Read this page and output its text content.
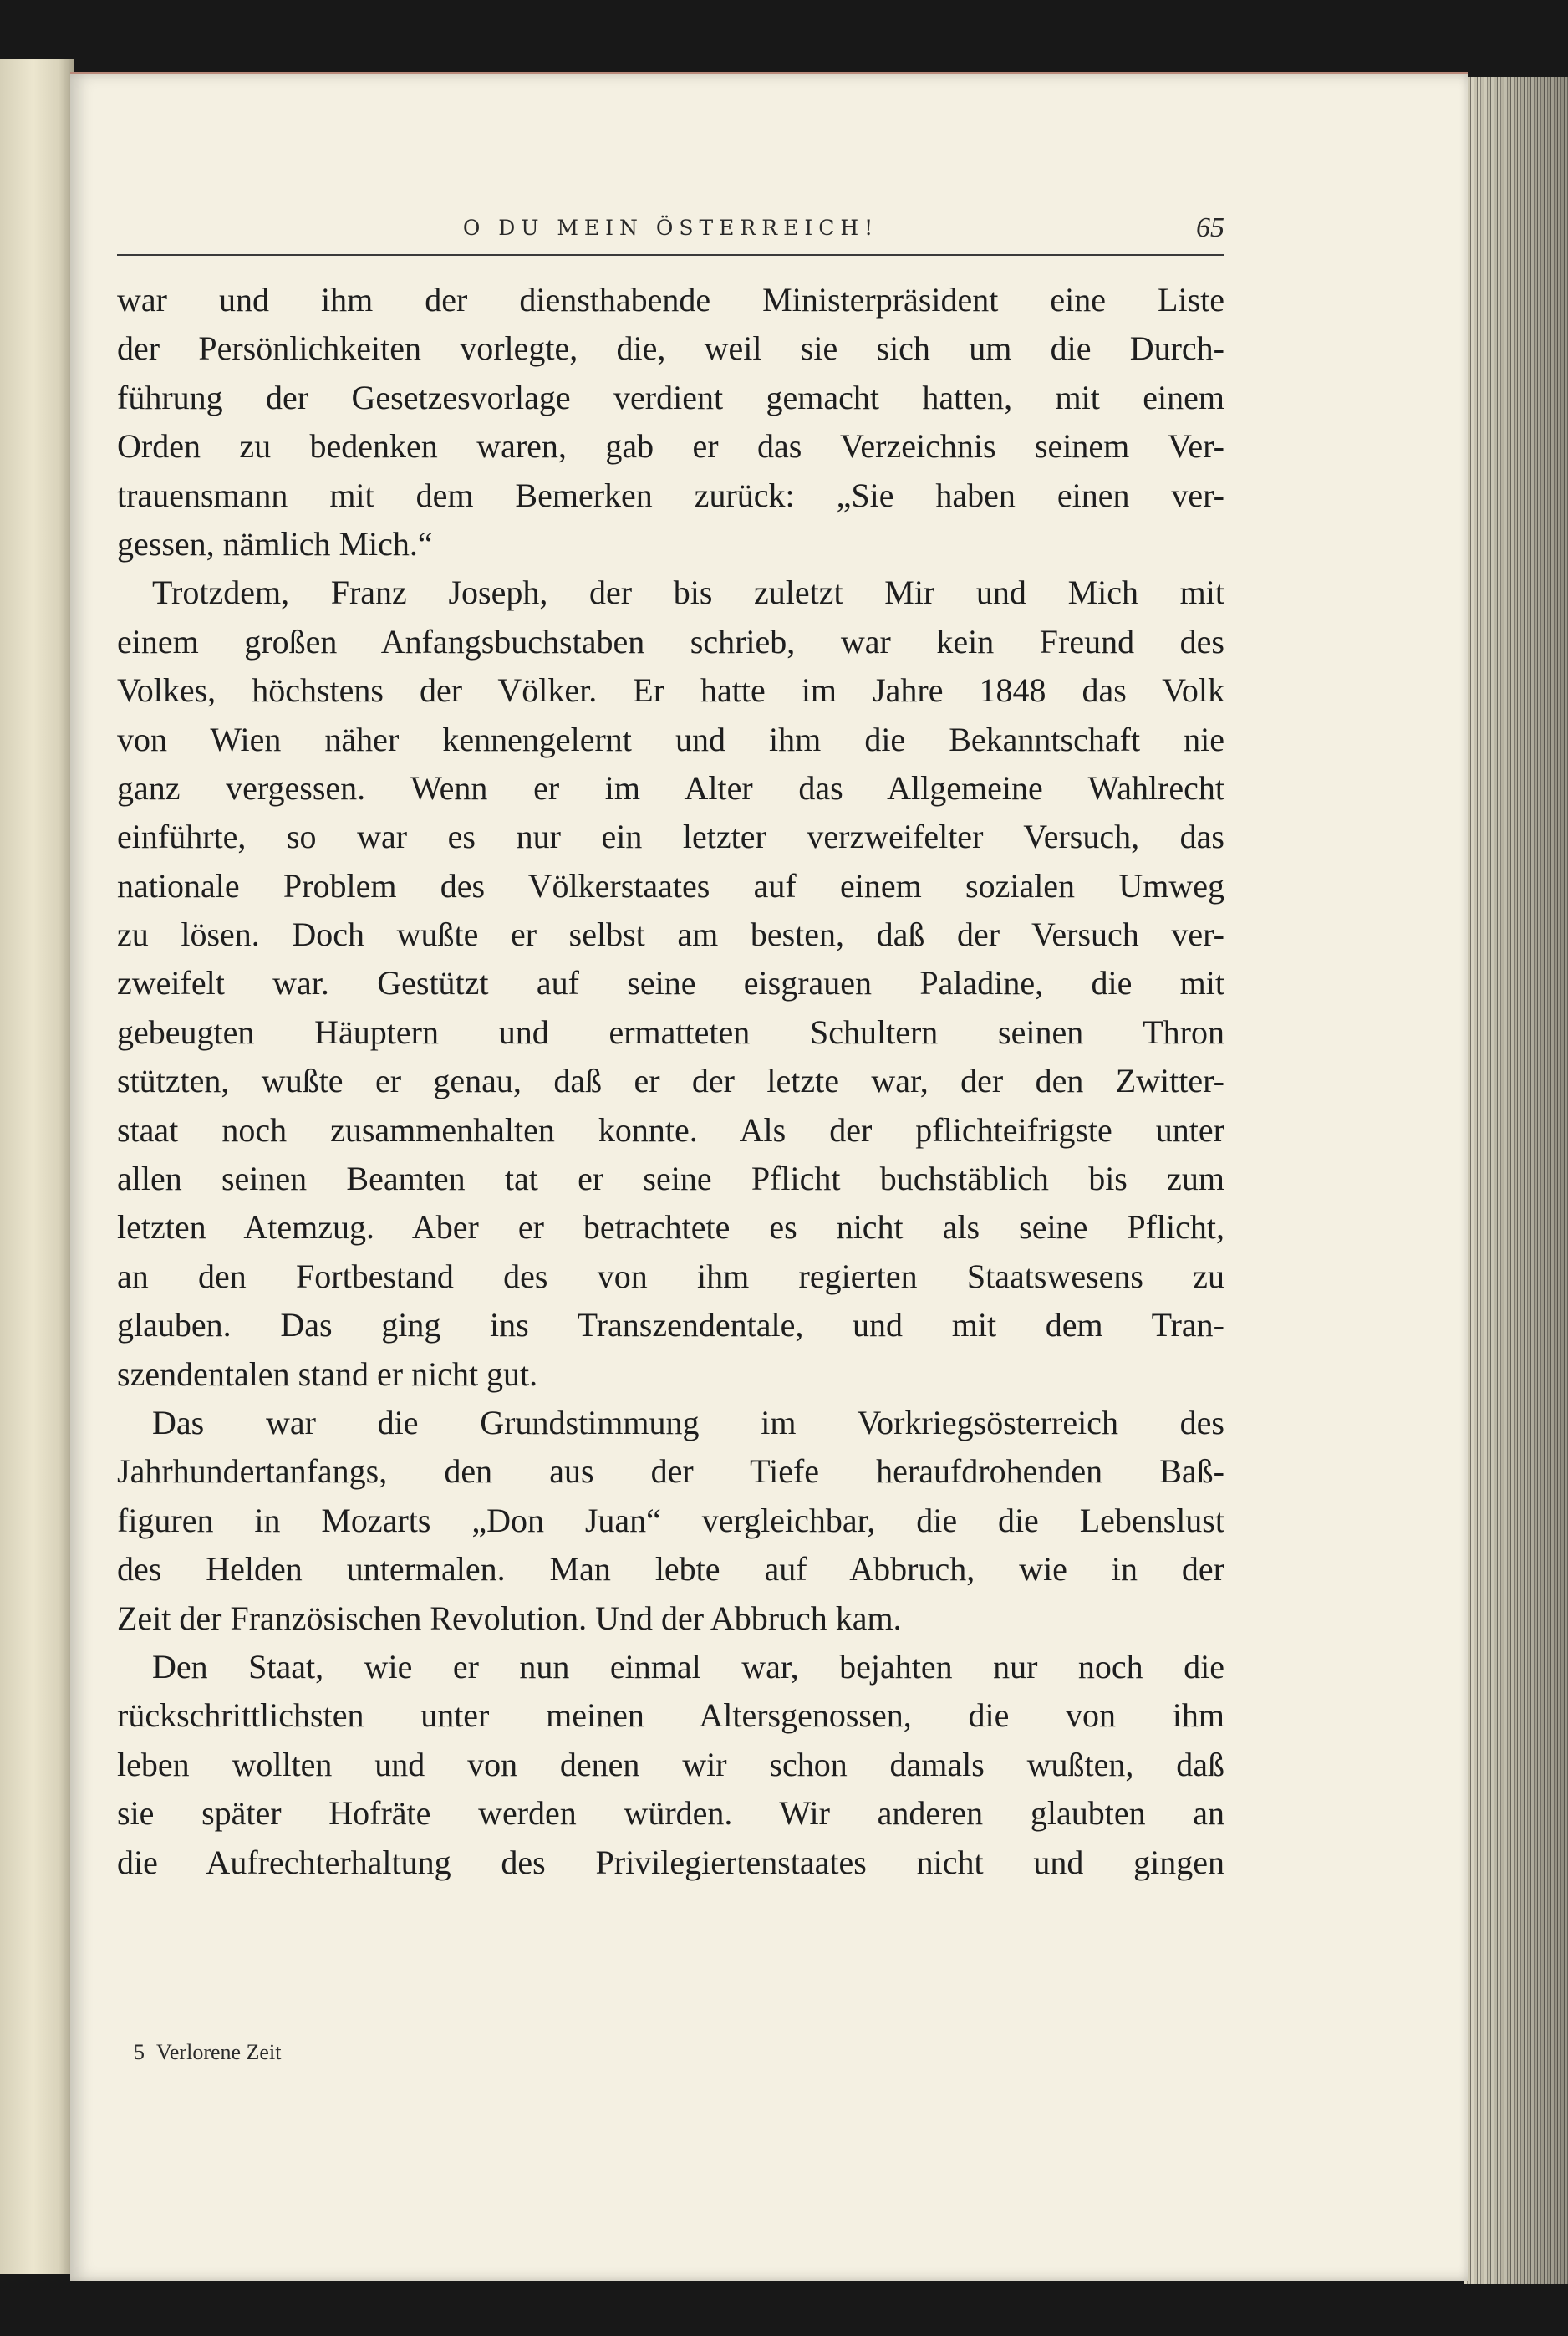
O DU MEIN ÖSTERREICH!	65
war und ihm der diensthabende Ministerpräsident eine Liste
der Persönlichkeiten vorlegte, die, weil sie sich um die Durch-
führung der Gesetzesvorlage verdient gemacht hatten, mit einem
Orden zu bedenken waren, gab er das Verzeichnis seinem Ver-
trauensmann mit dem Bemerken zurück: „Sie haben einen ver-
gessen, nämlich Mich.“
Trotzdem, Franz Joseph, der bis zuletzt Mir und Mich mit
einem großen Anfangsbuchstaben schrieb, war kein Freund des
Volkes, höchstens der Völker. Er hatte im Jahre 1848 das Volk
von Wien näher kennengelernt und ihm die Bekanntschaft nie
ganz vergessen. Wenn er im Alter das Allgemeine Wahlrecht
einführte, so war es nur ein letzter verzweifelter Versuch, das
nationale Problem des Völkerstaates auf einem sozialen Umweg
zu lösen. Doch wußte er selbst am besten, daß der Versuch ver-
zweifelt war. Gestützt auf seine eisgrauen Paladine, die mit
gebeugten Häuptern und ermatteten Schultern seinen Thron
stützten, wußte er genau, daß er der letzte war, der den Zwitter-
staat noch zusammenhalten konnte. Als der pflichteifrigste unter
allen seinen Beamten tat er seine Pflicht buchstäblich bis zum
letzten Atemzug. Aber er betrachtete es nicht als seine Pflicht,
an den Fortbestand des von ihm regierten Staatswesens zu
glauben. Das ging ins Transzendentale, und mit dem Tran-
szendentalen stand er nicht gut.
Das war die Grundstimmung im Vorkriegsösterreich des
Jahrhundertanfangs, den aus der Tiefe heraufdrohenden Baß-
figuren in Mozarts „Don Juan“ vergleichbar, die die Lebenslust
des Helden untermalen. Man lebte auf Abbruch, wie in der
Zeit der Französischen Revolution. Und der Abbruch kam.
Den Staat, wie er nun einmal war, bejahten nur noch die
rückschrittlichsten unter meinen Altersgenossen, die von ihm
leben wollten und von denen wir schon damals wußten, daß
sie später Hofräte werden würden. Wir anderen glaubten an
die Aufrechterhaltung des Privilegiertenstaates nicht und gingen
5 Verlorene Zeit
